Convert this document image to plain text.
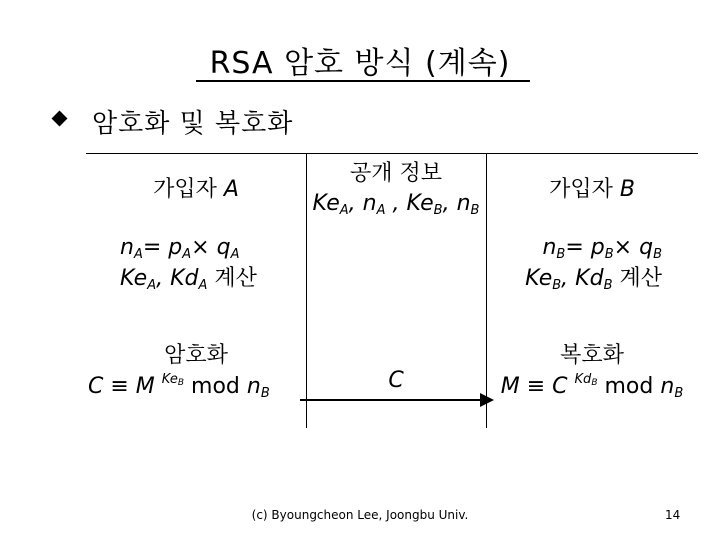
RSA 암호 방식 (계속)
암호화 및 복호화
가입자 A
공개 정보
$Ke_A$, $n_A$ , $Ke_B$, $n_B$
가입자 B
$n_A= p_A\times q_A$
$Ke_A$, $Kd_A$ 계산
$n_B= p_B\times q_B$
$Ke_B$, $Kd_B$ 계산
암호화
C ≡ M $^{Ke_B}$ mod $n_B$
C
복호화
M ≡ C $^{Kd_B}$ mod $n_B$
(c) Byoungcheon Lee, Joongbu Univ.	14
